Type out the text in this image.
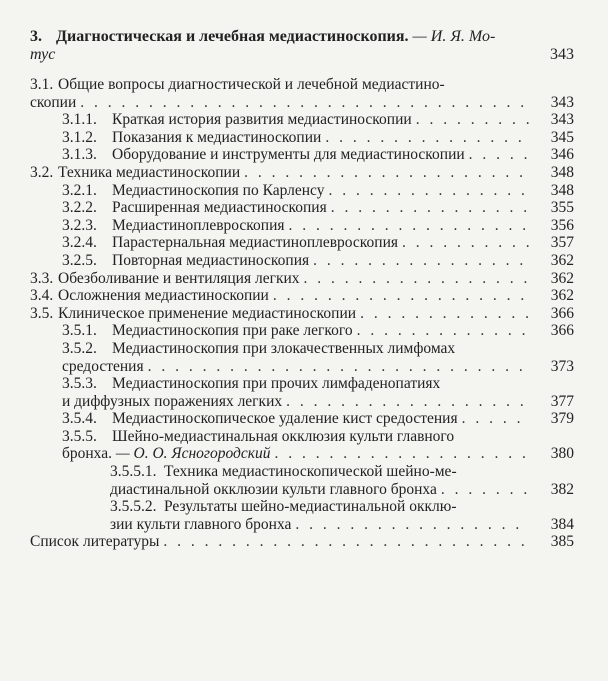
3. Диагностическая и лечебная медиастиноскопия. — И. Я. Мо-
тус	343
3.1. Общие вопросы диагностической и лечебной медиастино-
скопии . . .	343
3.1.1. Краткая история развития медиастиноскопии . . .	343
3.1.2. Показания к медиастиноскопии . . .	345
3.1.3. Оборудование и инструменты для медиастиноскопии . . .	346
3.2. Техника медиастиноскопии . . .	348
3.2.1. Медиастиноскопия по Карленсу . . .	348
3.2.2. Расширенная медиастиноскопия . . .	355
3.2.3. Медиастиноплевроскопия . . .	356
3.2.4. Парастернальная медиастиноплевроскопия . . .	357
3.2.5. Повторная медиастиноскопия . . .	362
3.3. Обезболивание и вентиляция легких . . .	362
3.4. Осложнения медиастиноскопии . . .	362
3.5. Клиническое применение медиастиноскопии . . .	366
3.5.1. Медиастиноскопия при раке легкого . . .	366
3.5.2. Медиастиноскопия при злокачественных лимфомах
средостения . . .	373
3.5.3. Медиастиноскопия при прочих лимфаденопатиях
и диффузных поражениях легких . . .	377
3.5.4. Медиастиноскопическое удаление кист средостения . . .	379
3.5.5. Шейно-медиастинальная окклюзия культи главного
бронха. — О. О. Ясногородский . . .	380
3.5.5.1. Техника медиастиноскопической шейно-ме-
диастинальной окклюзии культи главного бронха . . .	382
3.5.5.2. Результаты шейно-медиастинальной окклю-
зии культи главного бронха . . .	384
Список литературы . . .	385
